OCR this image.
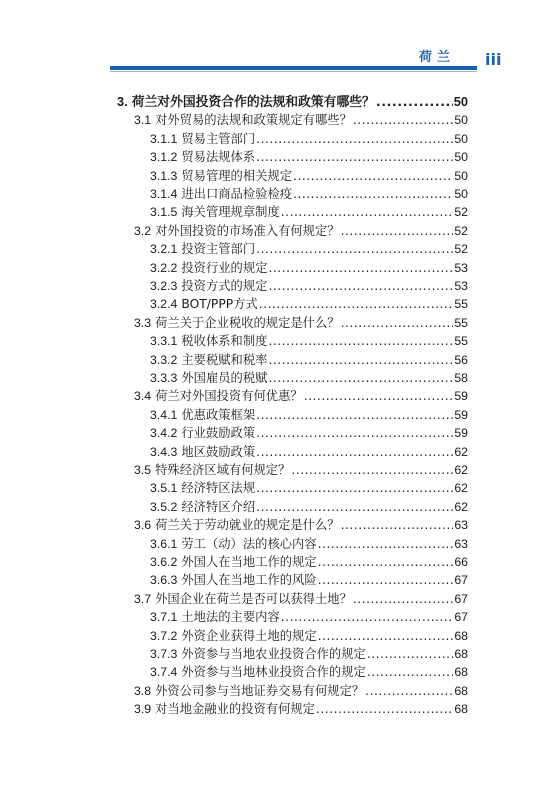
荷兰 iii
3. 荷兰对外国投资合作的法规和政策有哪些？ .....	50
3.1 对外贸易的法规和政策规定有哪些？ .....	50
3.1.1 贸易主管部门 .....	50
3.1.2 贸易法规体系 .....	50
3.1.3 贸易管理的相关规定 .....	50
3.1.4 进出口商品检验检疫 .....	50
3.1.5 海关管理规章制度 .....	52
3.2 对外国投资的市场准入有何规定？ .....	52
3.2.1 投资主管部门 .....	52
3.2.2 投资行业的规定 .....	53
3.2.3 投资方式的规定 .....	53
3.2.4 BOT/PPP方式 .....	55
3.3 荷兰关于企业税收的规定是什么？ .....	55
3.3.1 税收体系和制度 .....	55
3.3.2 主要税赋和税率 .....	56
3.3.3 外国雇员的税赋 .....	58
3.4 荷兰对外国投资有何优惠？ .....	59
3.4.1 优惠政策框架 .....	59
3.4.2 行业鼓励政策 .....	59
3.4.3 地区鼓励政策 .....	62
3.5 特殊经济区域有何规定？ .....	62
3.5.1 经济特区法规 .....	62
3.5.2 经济特区介绍 .....	62
3.6 荷兰关于劳动就业的规定是什么？ .....	63
3.6.1 劳工（动）法的核心内容 .....	63
3.6.2 外国人在当地工作的规定 .....	66
3.6.3 外国人在当地工作的风险 .....	67
3.7 外国企业在荷兰是否可以获得土地？ .....	67
3.7.1 土地法的主要内容 .....	67
3.7.2 外资企业获得土地的规定 .....	68
3.7.3 外资参与当地农业投资合作的规定 .....	68
3.7.4 外资参与当地林业投资合作的规定 .....	68
3.8 外资公司参与当地证券交易有何规定？ .....	68
3.9 对当地金融业的投资有何规定 .....	68
